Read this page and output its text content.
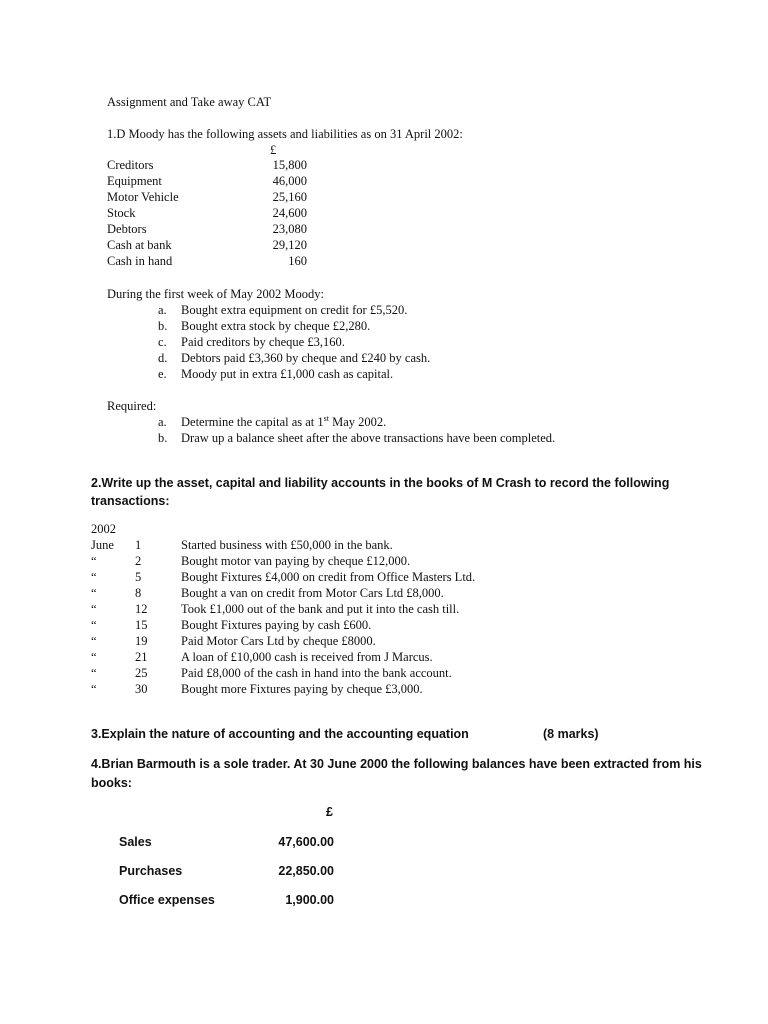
Assignment and Take away CAT
1.D Moody has the following assets and liabilities as on 31 April 2002:
£
Creditors	15,800
Equipment	46,000
Motor Vehicle	25,160
Stock	24,600
Debtors	23,080
Cash at bank	29,120
Cash in hand	160
During the first week of May 2002 Moody:
a. Bought extra equipment on credit for £5,520.
b. Bought extra stock by cheque £2,280.
c. Paid creditors by cheque £3,160.
d. Debtors paid £3,360 by cheque and £240 by cash.
e. Moody put in extra £1,000 cash as capital.
Required:
a. Determine the capital as at 1st May 2002.
b. Draw up a balance sheet after the above transactions have been completed.
2.Write up the asset, capital and liability accounts in the books of M Crash to record the following
transactions:
2002
June 1	Started business with £50,000 in the bank.
“	2	Bought motor van paying by cheque £12,000.
“	5	Bought Fixtures £4,000 on credit from Office Masters Ltd.
“	8	Bought a van on credit from Motor Cars Ltd £8,000.
“	12	Took £1,000 out of the bank and put it into the cash till.
“	15	Bought Fixtures paying by cash £600.
“	19	Paid Motor Cars Ltd by cheque £8000.
“	21	A loan of £10,000 cash is received from J Marcus.
“	25	Paid £8,000 of the cash in hand into the bank account.
“	30	Bought more Fixtures paying by cheque £3,000.
3.Explain the nature of accounting and the accounting equation	(8 marks)
4.Brian Barmouth is a sole trader. At 30 June 2000 the following balances have been extracted from his
books:
£
Sales	47,600.00
Purchases	22,850.00
Office expenses	1,900.00
